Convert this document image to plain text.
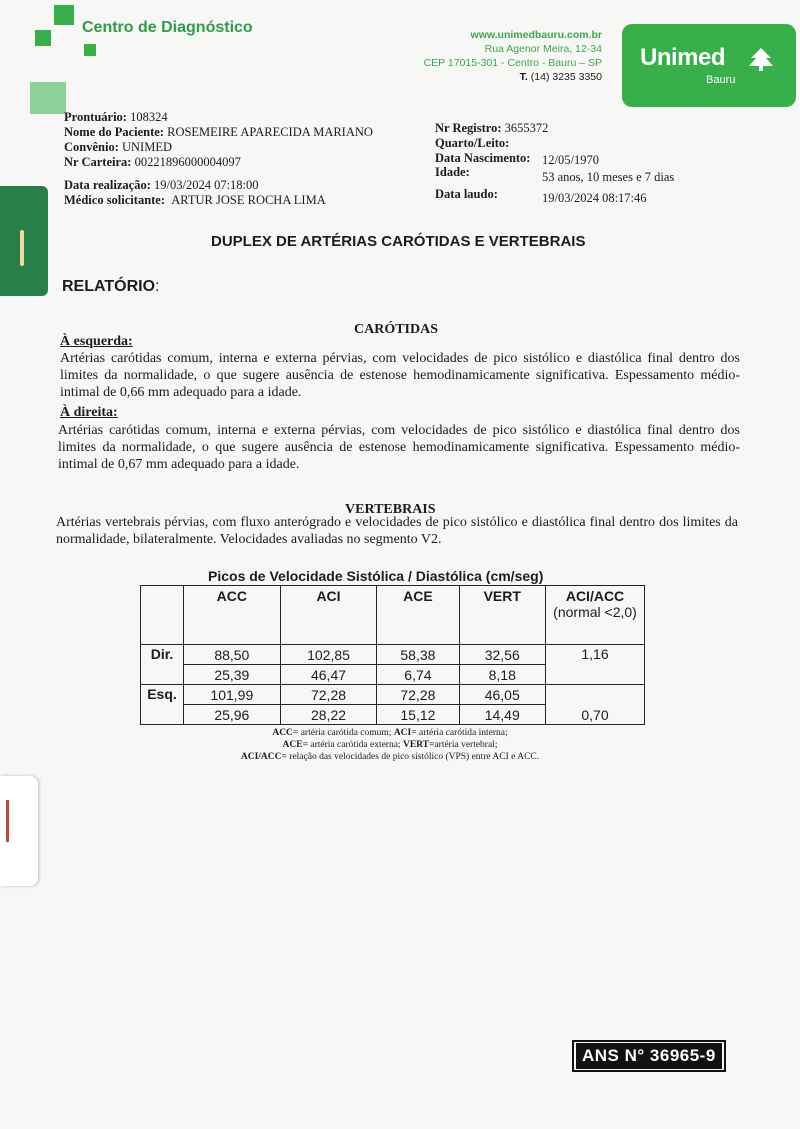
Centro de Diagnóstico	www.unimedbauru.com.br
Rua Agenor Meira, 12-34
CEP 17015-301 - Centro - Bauru – SP
T. (14) 3235 3350
Unimed
Bauru
Prontuário: 108324
Nome do Paciente: ROSEMEIRE APARECIDA MARIANO
Convênio: UNIMED
Nr Carteira: 00221896000004097
Data realização: 19/03/2024 07:18:00
Médico solicitante: ARTUR JOSE ROCHA LIMA
Nr Registro: 3655372
Quarto/Leito:
Data Nascimento: 12/05/1970
Idade:	53 anos, 10 meses e 7 dias
Data laudo:	19/03/2024 08:17:46
DUPLEX DE ARTÉRIAS CARÓTIDAS E VERTEBRAIS
RELATÓRIO:
CARÓTIDAS
À esquerda:
Artérias carótidas comum, interna e externa pérvias, com velocidades de pico sistólico e diastólica final dentro dos limites da normalidade, o que sugere ausência de estenose hemodinamicamente significativa. Espessamento médio-intimal de 0,66 mm adequado para a idade.
À direita:
Artérias carótidas comum, interna e externa pérvias, com velocidades de pico sistólico e diastólica final dentro dos limites da normalidade, o que sugere ausência de estenose hemodinamicamente significativa. Espessamento médio-intimal de 0,67 mm adequado para a idade.
VERTEBRAIS
Artérias vertebrais pérvias, com fluxo anterógrado e velocidades de pico sistólico e diastólica final dentro dos limites da normalidade, bilateralmente. Velocidades avaliadas no segmento V2.
Picos de Velocidade Sistólica / Diastólica (cm/seg)
	ACC	ACI	ACE	VERT	ACI/ACC
(normal <2,0)

Dir.	88,50	102,85	58,38	32,56	1,16
	25,39	46,47	6,74	8,18	
Esq.	101,99	72,28	72,28	46,05	0,70
	25,96	28,22	15,12	14,49	
ACC= artéria carótida comum; ACI= artéria carótida interna;
ACE= artéria carótida externa; VERT=artéria vertebral;
ACI/ACC= relação das velocidades de pico sistólico (VPS) entre ACI e ACC.
ANS N° 36965-9
